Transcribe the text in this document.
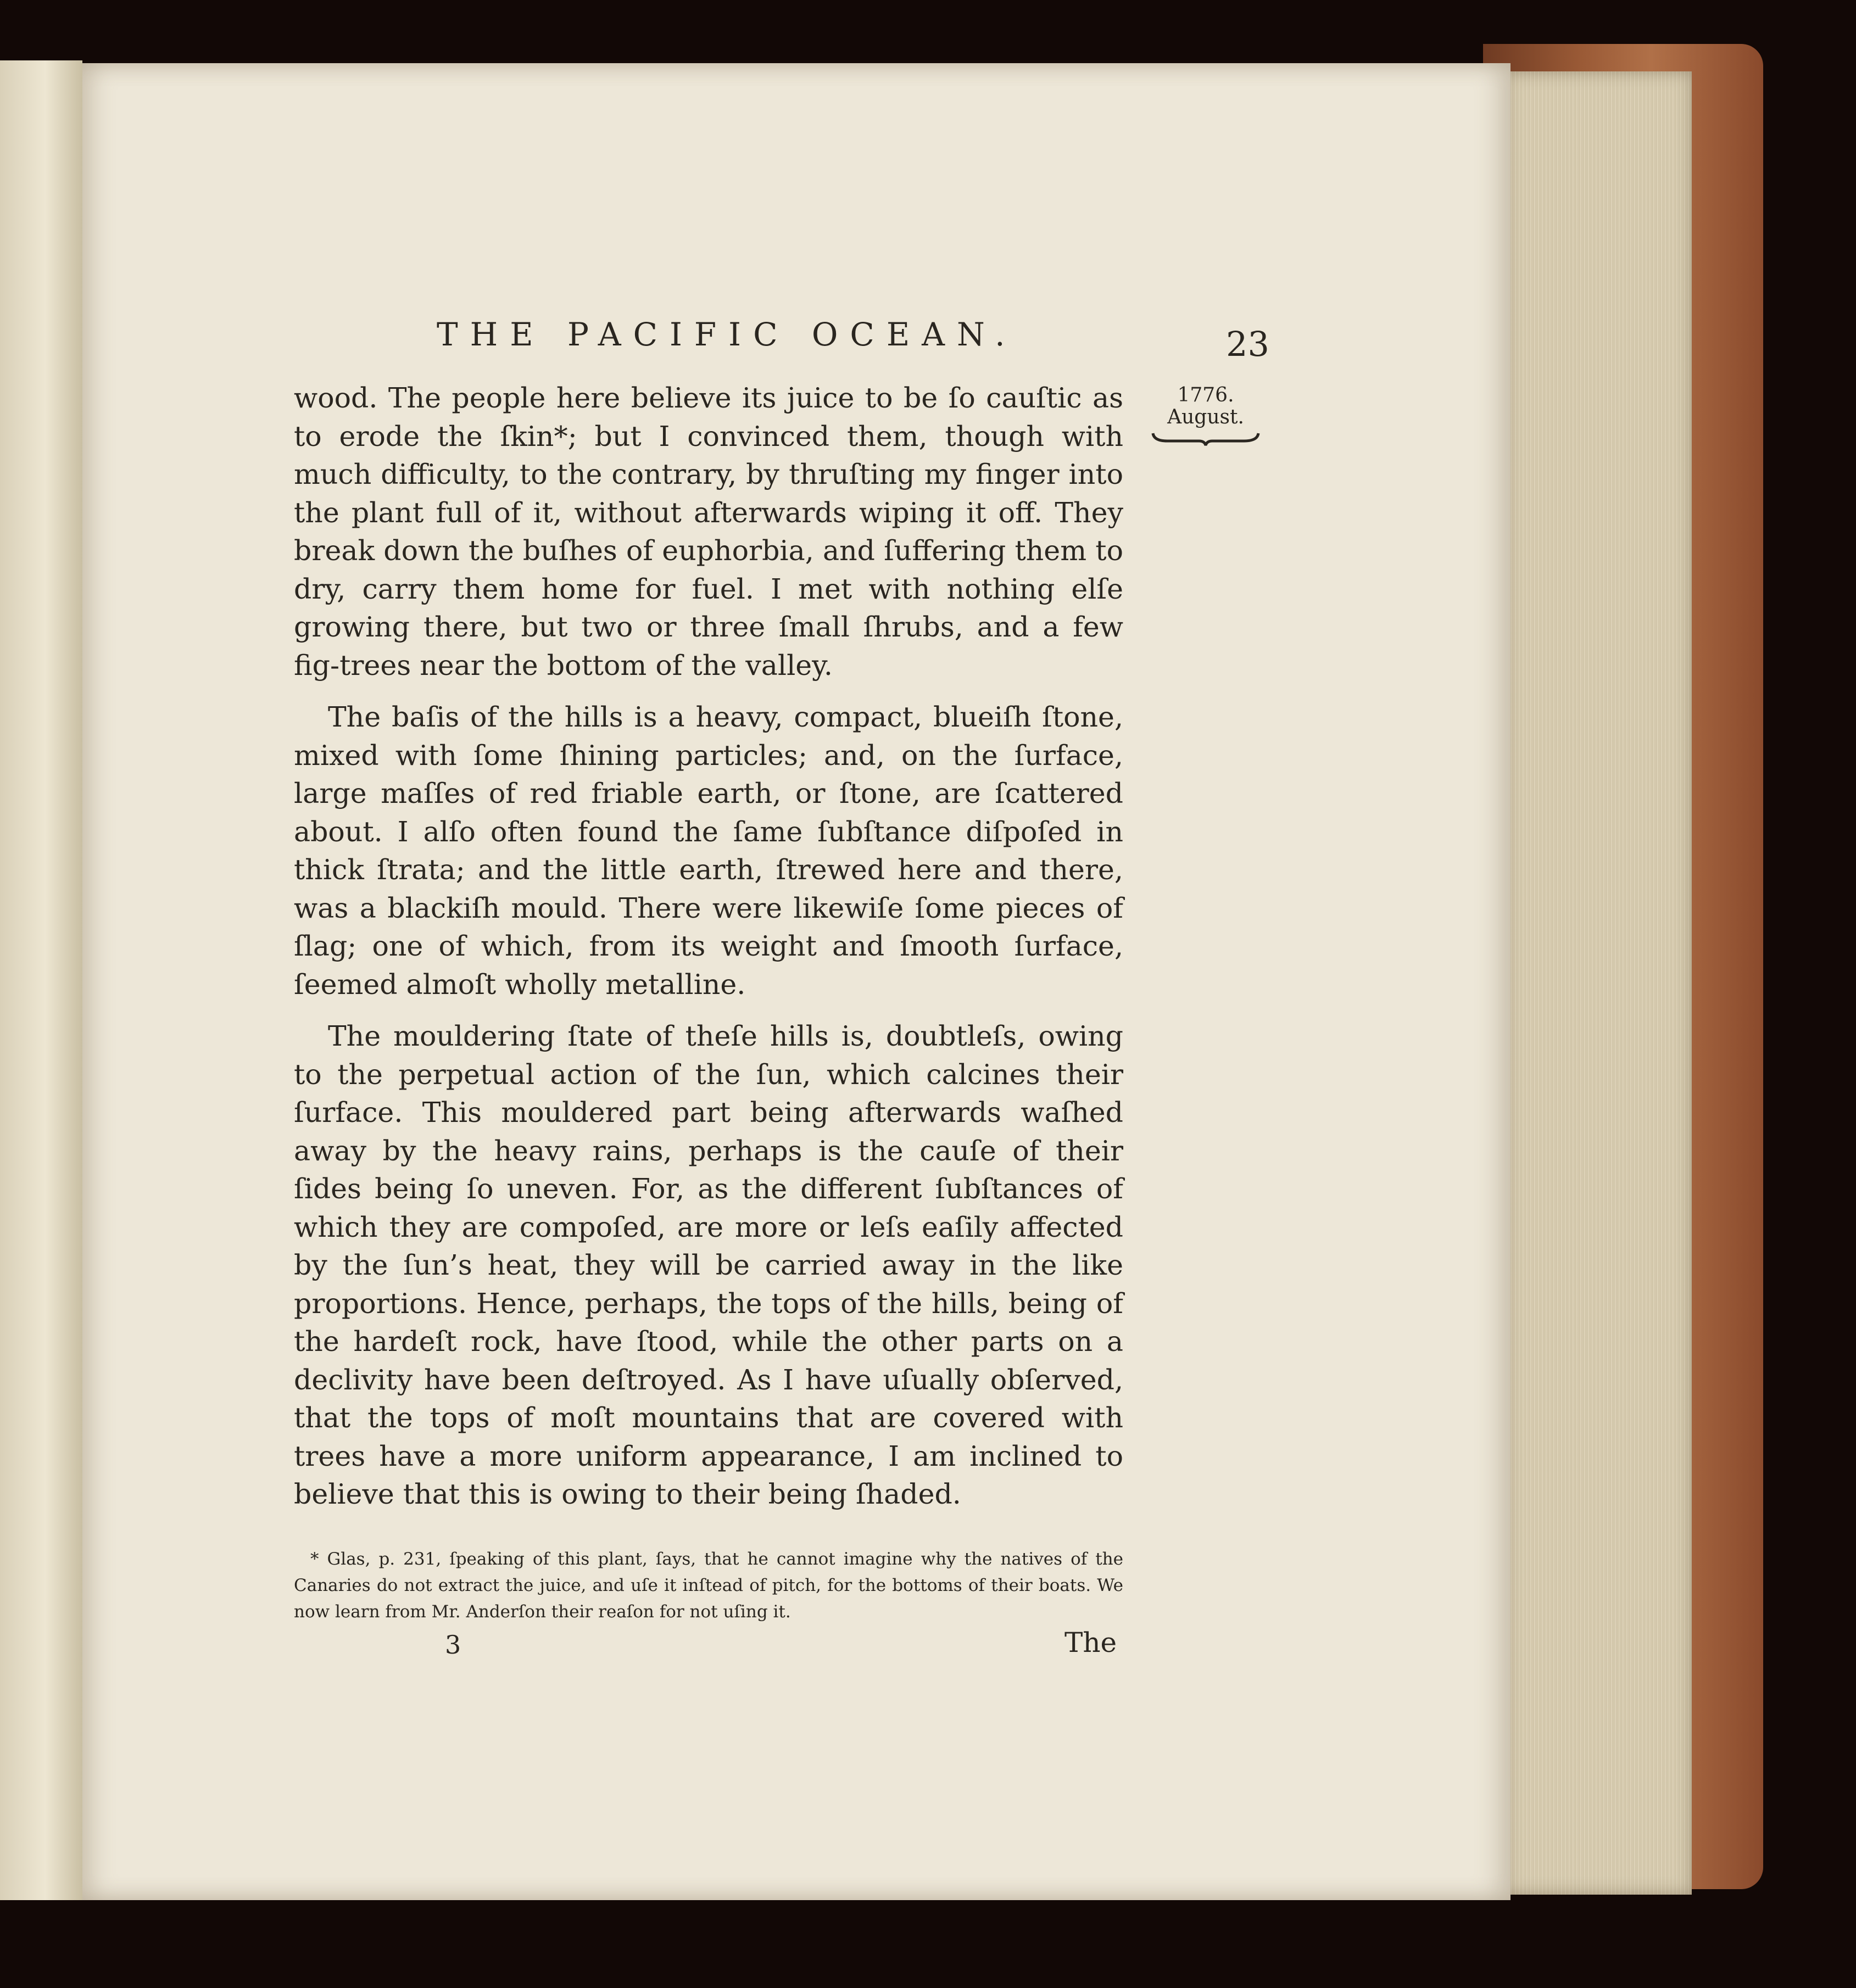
THE PACIFIC OCEAN.	23
1776.
August.

wood. The people here believe its juice to be ſo cauſtic as to erode the ſkin*; but I convinced them, though with much difficulty, to the contrary, by thruſting my finger into the plant full of it, without afterwards wiping it off. They break down the buſhes of euphorbia, and ſuffering them to dry, carry them home for fuel. I met with nothing elſe growing there, but two or three ſmall ſhrubs, and a few fig-trees near the bottom of the valley.

The baſis of the hills is a heavy, compact, blueiſh ſtone, mixed with ſome ſhining particles; and, on the ſurface, large maſſes of red friable earth, or ſtone, are ſcattered about. I alſo often found the ſame ſubſtance diſpoſed in thick ſtrata; and the little earth, ſtrewed here and there, was a blackiſh mould. There were likewiſe ſome pieces of ſlag; one of which, from its weight and ſmooth ſurface, ſeemed almoſt wholly metalline.

The mouldering ſtate of theſe hills is, doubtleſs, owing to the perpetual action of the ſun, which calcines their ſurface. This mouldered part being afterwards waſhed away by the heavy rains, perhaps is the cauſe of their ſides being ſo uneven. For, as the different ſubſtances of which they are compoſed, are more or leſs eaſily affected by the ſun’s heat, they will be carried away in the like proportions. Hence, perhaps, the tops of the hills, being of the hardeſt rock, have ſtood, while the other parts on a declivity have been deſtroyed. As I have uſually obſerved, that the tops of moſt mountains that are covered with trees have a more uniform appearance, I am inclined to believe that this is owing to their being ſhaded.

* Glas, p. 231, ſpeaking of this plant, ſays, that he cannot imagine why the natives of the Canaries do not extract the juice, and uſe it inſtead of pitch, for the bottoms of their boats. We now learn from Mr. Anderſon their reaſon for not uſing it.
3	The
